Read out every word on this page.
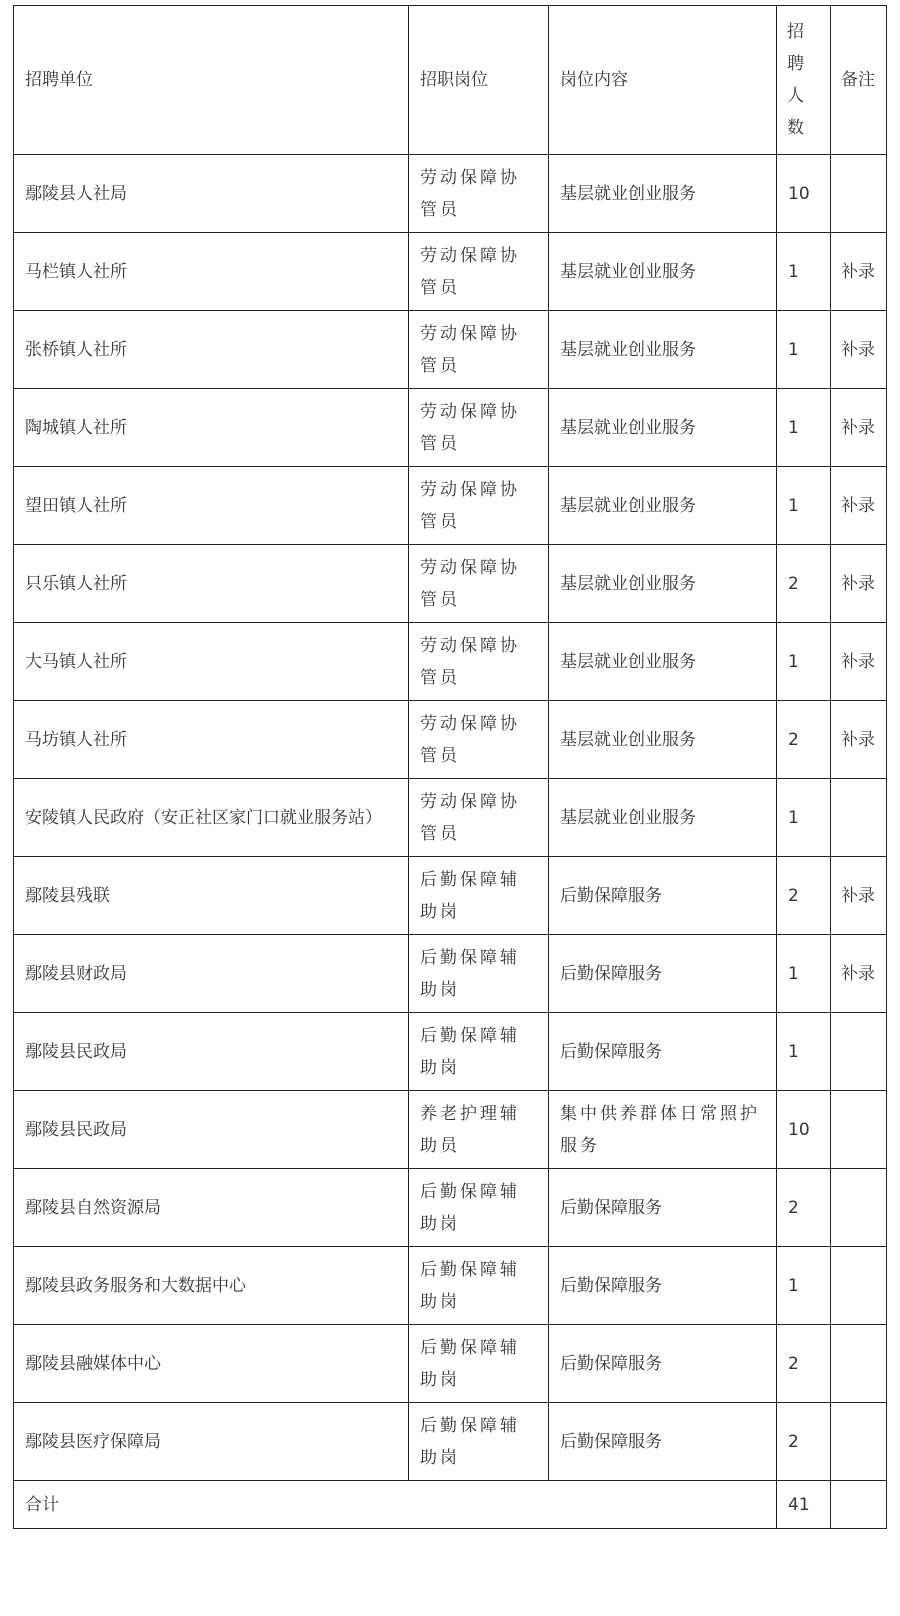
招聘单位	招职岗位	岗位内容	招聘人数	备注
鄢陵县人社局	劳动保障协管员	基层就业创业服务	10	
马栏镇人社所	劳动保障协管员	基层就业创业服务	1	补录
张桥镇人社所	劳动保障协管员	基层就业创业服务	1	补录
陶城镇人社所	劳动保障协管员	基层就业创业服务	1	补录
望田镇人社所	劳动保障协管员	基层就业创业服务	1	补录
只乐镇人社所	劳动保障协管员	基层就业创业服务	2	补录
大马镇人社所	劳动保障协管员	基层就业创业服务	1	补录
马坊镇人社所	劳动保障协管员	基层就业创业服务	2	补录
安陵镇人民政府（安正社区家门口就业服务站）	劳动保障协管员	基层就业创业服务	1	
鄢陵县残联	后勤保障辅助岗	后勤保障服务	2	补录
鄢陵县财政局	后勤保障辅助岗	后勤保障服务	1	补录
鄢陵县民政局	后勤保障辅助岗	后勤保障服务	1	
鄢陵县民政局	养老护理辅助员	集中供养群体日常照护服务	10	
鄢陵县自然资源局	后勤保障辅助岗	后勤保障服务	2	
鄢陵县政务服务和大数据中心	后勤保障辅助岗	后勤保障服务	1	
鄢陵县融媒体中心	后勤保障辅助岗	后勤保障服务	2	
鄢陵县医疗保障局	后勤保障辅助岗	后勤保障服务	2	
合计			41	
